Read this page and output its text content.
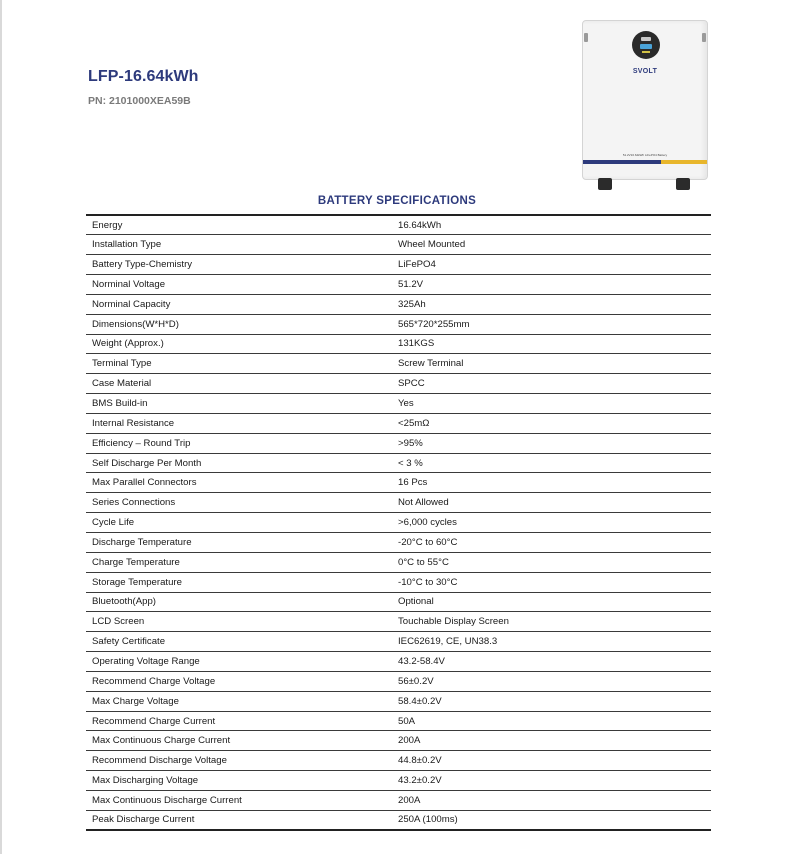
LFP-16.64kWh
PN: 2101000XEA59B
SVOLT
51.2V16.64kWh LiFePO4 Battery
BATTERY SPECIFICATIONS
Energy	16.64kWh
Installation Type	Wheel Mounted
Battery Type-Chemistry	LiFePO4
Norminal Voltage	51.2V
Norminal Capacity	325Ah
Dimensions(W*H*D)	565*720*255mm
Weight (Approx.)	131KGS
Terminal Type	Screw Terminal
Case Material	SPCC
BMS Build-in	Yes
Internal Resistance	<25mΩ
Efficiency – Round Trip	>95%
Self Discharge Per Month	< 3 %
Max Parallel Connectors	16 Pcs
Series Connections	Not Allowed
Cycle Life	>6,000 cycles
Discharge Temperature	-20°C to 60°C
Charge Temperature	0°C to 55°C
Storage Temperature	-10°C to 30°C
Bluetooth(App)	Optional
LCD Screen	Touchable Display Screen
Safety Certificate	IEC62619, CE, UN38.3
Operating Voltage Range	43.2-58.4V
Recommend Charge Voltage	56±0.2V
Max Charge Voltage	58.4±0.2V
Recommend Charge Current	50A
Max Continuous Charge Current	200A
Recommend Discharge Voltage	44.8±0.2V
Max Discharging Voltage	43.2±0.2V
Max Continuous Discharge Current	200A
Peak Discharge Current	250A (100ms)
